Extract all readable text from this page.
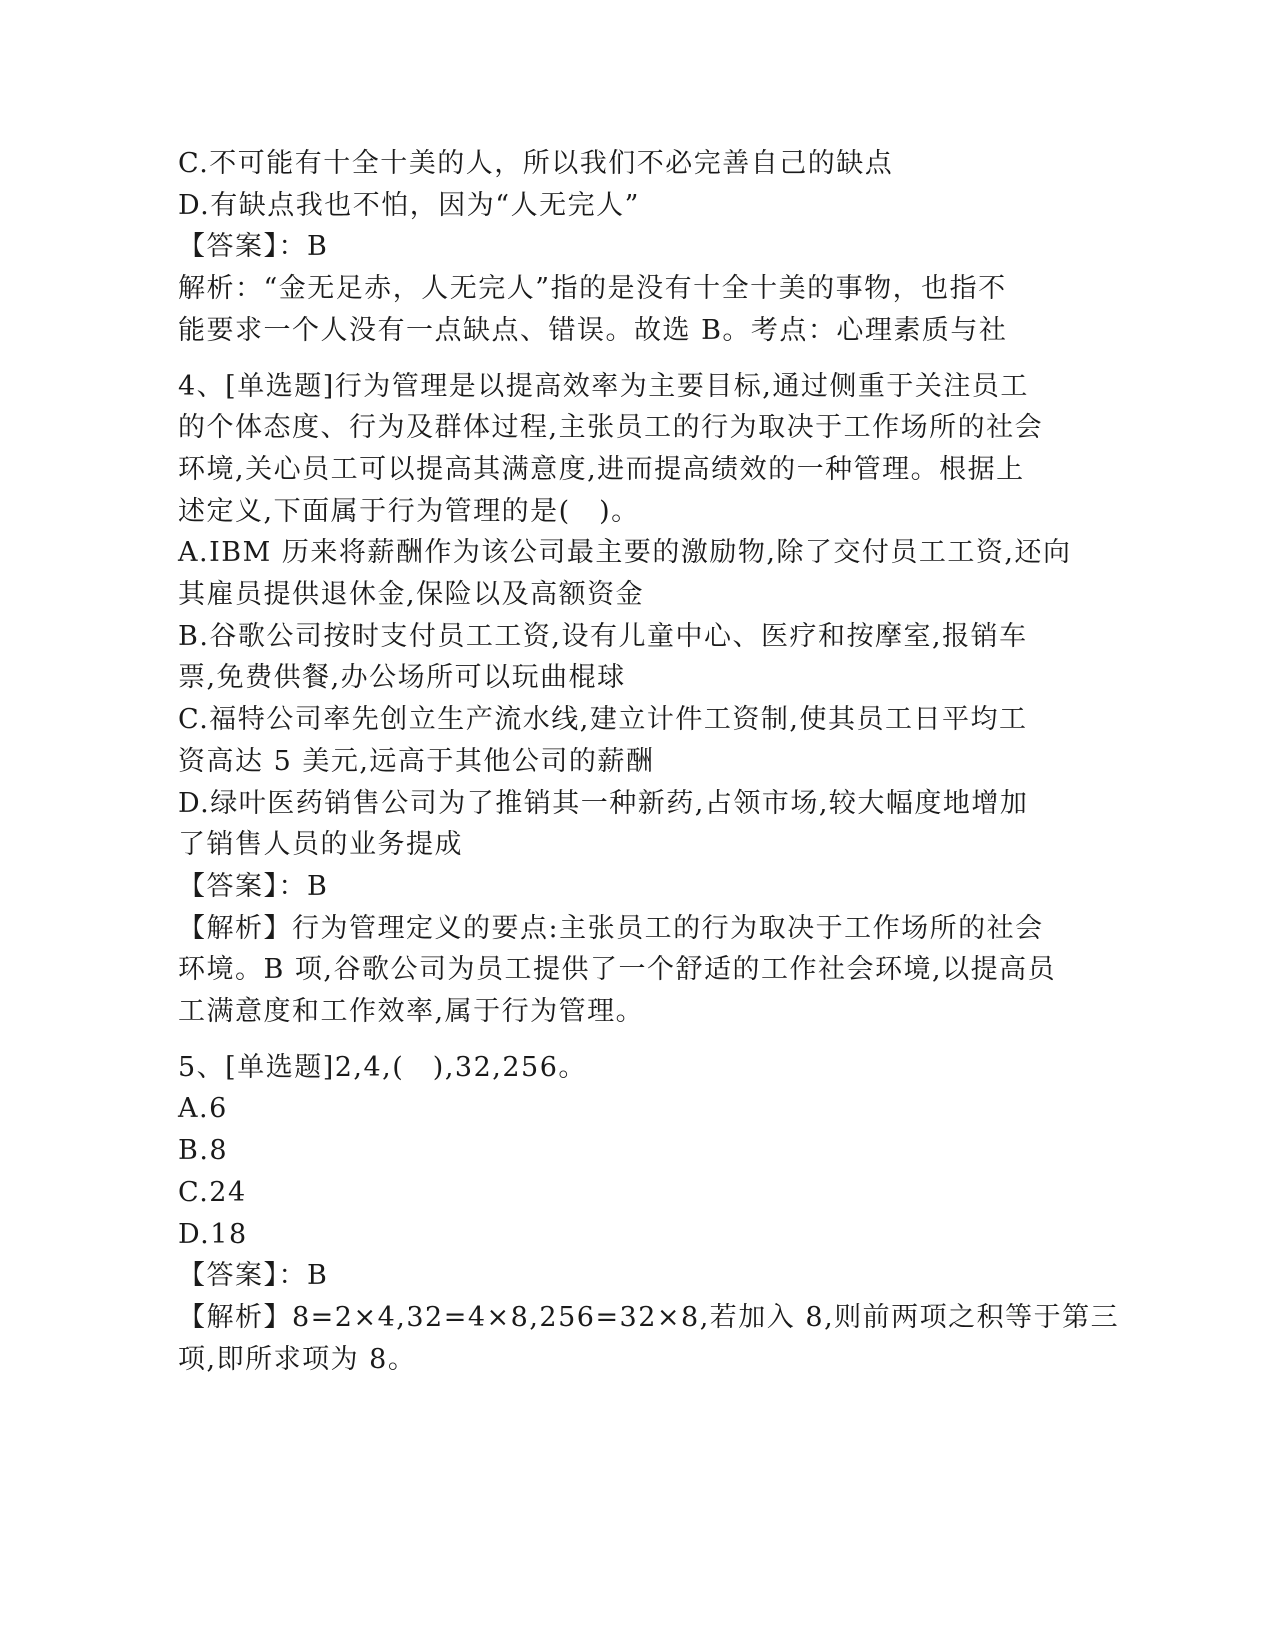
C.不可能有十全十美的人，所以我们不必完善自己的缺点
D.有缺点我也不怕，因为“人无完人”
【答案】：B
解析：“金无足赤，人无完人”指的是没有十全十美的事物，也指不
能要求一个人没有一点缺点、错误。故选 B。考点：心理素质与社
4、[单选题]行为管理是以提高效率为主要目标,通过侧重于关注员工
的个体态度、行为及群体过程,主张员工的行为取决于工作场所的社会
环境,关心员工可以提高其满意度,进而提高绩效的一种管理。根据上
述定义,下面属于行为管理的是(　)。
A.IBM 历来将薪酬作为该公司最主要的激励物,除了交付员工工资,还向
其雇员提供退休金,保险以及高额资金
B.谷歌公司按时支付员工工资,设有儿童中心、医疗和按摩室,报销车
票,免费供餐,办公场所可以玩曲棍球
C.福特公司率先创立生产流水线,建立计件工资制,使其员工日平均工
资高达 5 美元,远高于其他公司的薪酬
D.绿叶医药销售公司为了推销其一种新药,占领市场,较大幅度地增加
了销售人员的业务提成
【答案】：B
【解析】行为管理定义的要点:主张员工的行为取决于工作场所的社会
环境。B 项,谷歌公司为员工提供了一个舒适的工作社会环境,以提高员
工满意度和工作效率,属于行为管理。
5、[单选题]2,4,(　),32,256。
A.6
B.8
C.24
D.18
【答案】：B
【解析】8=2×4,32=4×8,256=32×8,若加入 8,则前两项之积等于第三
项,即所求项为 8。
